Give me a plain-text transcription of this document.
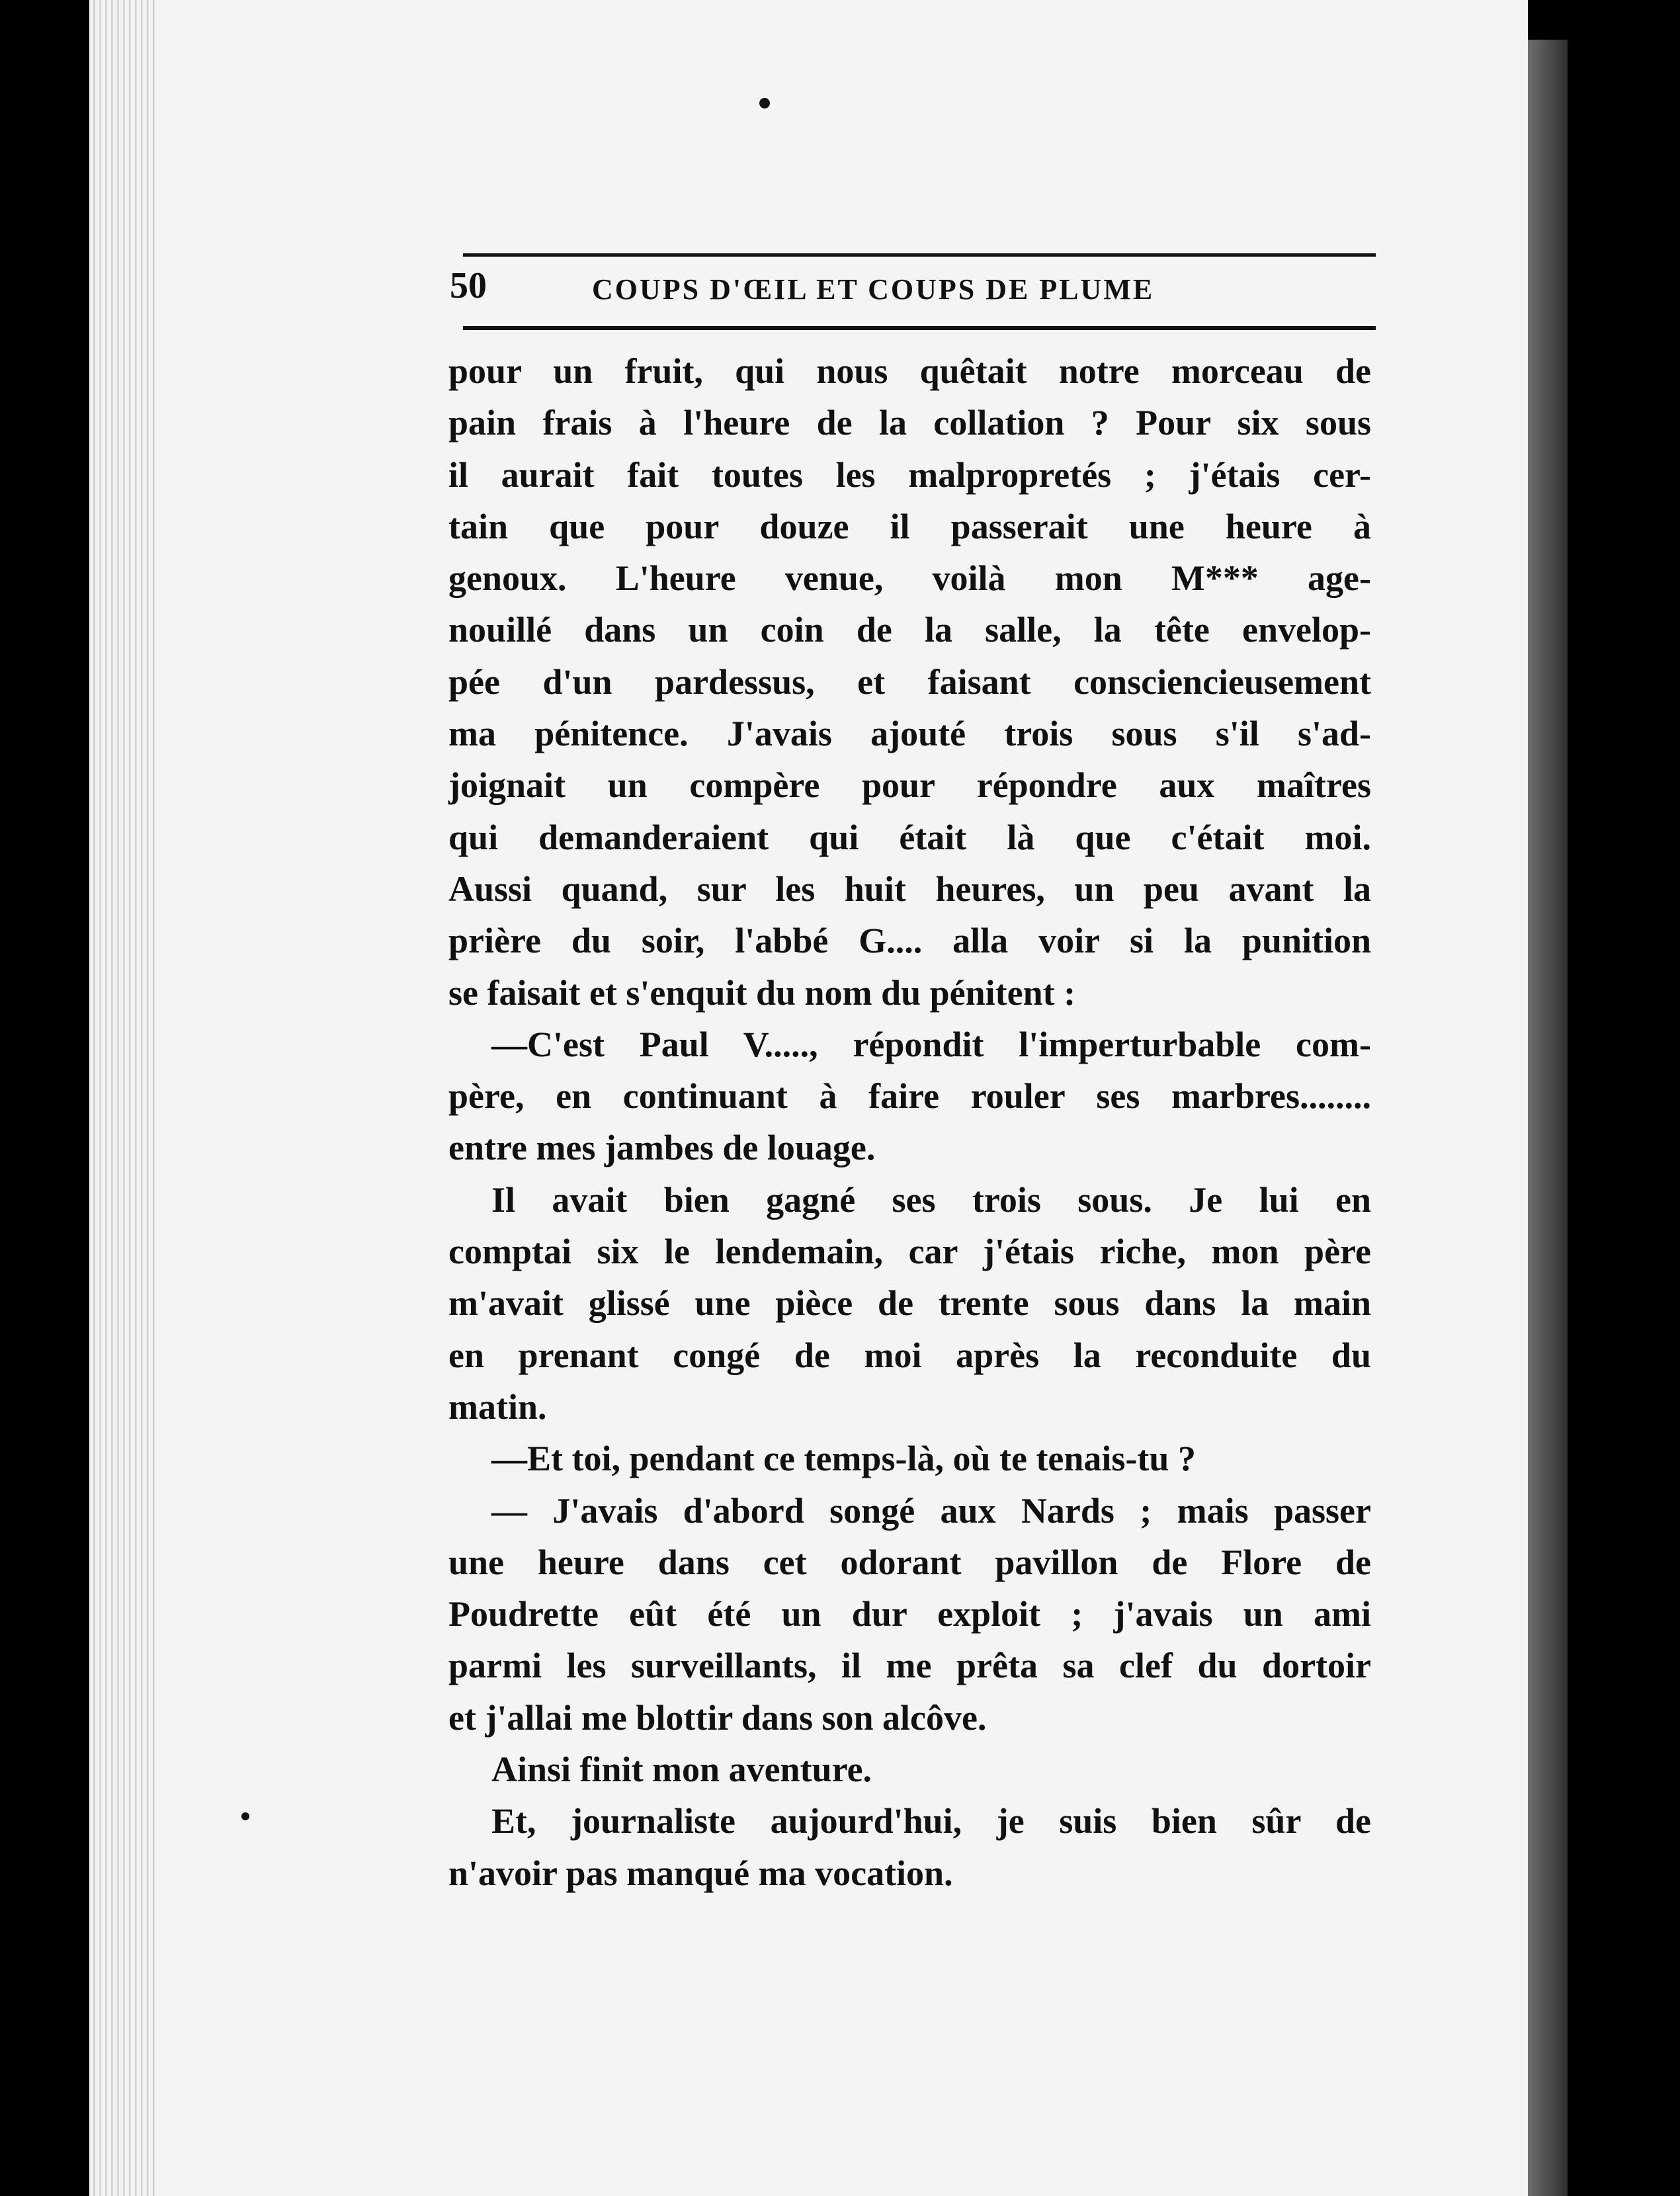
50	COUPS D'ŒIL ET COUPS DE PLUME
pour un fruit, qui nous quêtait notre morceau de
pain frais à l'heure de la collation ? Pour six sous
il aurait fait toutes les malpropretés ; j'étais cer-
tain que pour douze il passerait une heure à
genoux. L'heure venue, voilà mon M*** age-
nouillé dans un coin de la salle, la tête envelop-
pée d'un pardessus, et faisant consciencieusement
ma pénitence. J'avais ajouté trois sous s'il s'ad-
joignait un compère pour répondre aux maîtres
qui demanderaient qui était là que c'était moi.
Aussi quand, sur les huit heures, un peu avant la
prière du soir, l'abbé G.... alla voir si la punition
se faisait et s'enquit du nom du pénitent :
—C'est Paul V....., répondit l'imperturbable com-
père, en continuant à faire rouler ses marbres........
entre mes jambes de louage.
Il avait bien gagné ses trois sous. Je lui en
comptai six le lendemain, car j'étais riche, mon père
m'avait glissé une pièce de trente sous dans la main
en prenant congé de moi après la reconduite du
matin.
—Et toi, pendant ce temps-là, où te tenais-tu ?
— J'avais d'abord songé aux Nards ; mais passer
une heure dans cet odorant pavillon de Flore de
Poudrette eût été un dur exploit ; j'avais un ami
parmi les surveillants, il me prêta sa clef du dortoir
et j'allai me blottir dans son alcôve.
Ainsi finit mon aventure.
Et, journaliste aujourd'hui, je suis bien sûr de
n'avoir pas manqué ma vocation.
